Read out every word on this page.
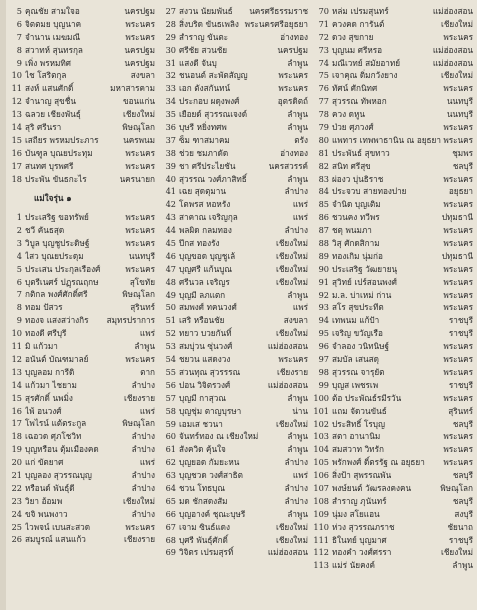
5 คุณชัย สามใจอ	นครปฐม
6 จิตตมย บุญนาค	พระนคร
7 จำนาน เมฆมณี	พระนคร
8 สวาทห์ สุนทรกุล	นครปฐม
9 เพิ่ง พรหมทิศ	นครปฐม
10 ไช โสริตกุล	สงขลา
11 สงห์ แสนศักดิ์	มหาสารคาม
12 จำนาญ สุขชื่น	ขอนแก่น
13 ฉลวย เชียงพันธุ์	เชียงใหม่
14 สุริ ศรีนรา	พิษณุโลก
15 เสถียร พรหมประภาร	นครพนม
16 บันฑูล บุณยประทุม	พระนคร
17 สนทศ บุรพศรี	พระนคร
18 ประพัน ขันธกะไร	นครนายก
แม่ใจรุ่น ๑
1 ประเสริฐ ขอทรัพย์	พระนคร
2 ชวี คันธสุด	พระนคร
3 วิบูล บุญชูประดิษฐ์	พระนคร
4 ไสว บุณยประดุม	นนทบุรี
5 ประเสน ประกุลเรืองศ์	พระนคร
6 บุตรีเนศร์ ปฏุรณฤกษ	สุโขทัย
7 กติกล พงศ์ศักดิ์ศรี	พิษณุโลก
8 ทอม ปัสวร	สุรินทร์
9 ทองจ แสงสว่างกิร	สมุทรปราการ
10 ทองดี ศรีบุรี	แพร่
11 มิ แก้วมา	ลำพูน
12 อนันต์ บัณฑมาลย์	พระนคร
13 บุญลอม การีดิ	ตาก
14 แก้วมา ไชยาม	ลำปาง
15 สุรศักดิ์ นพมิ่ง	เชียงราย
16 ไพ้ อนวงศ์	แพร่
17 โพไรน์ แต้ตระกูล	พิษณุโลก
18 เฉอวด ศุภโชวิท	ลำปาง
19 บุญหรือน ตุ้มเมืองคด	ลำปาง
20 แก่ ขัตยาศ	แพร่
21 บุญลอง สุวรรณบุญ	ลำปาง
22 หรือนด์ พันธุ์ดี	ลำปาง
23 วิยา อ้อมพ	เชียงใหม่
24 ขจิ พนพงาว	ลำปาง
25 ไวพจน์ เบนสะสวด	พระนคร
26 สมบูรณ์ แสนแก้ว	เชียงราย
27 สงวน นัยมพันธ์	นครศรีธรรมราช
28 สิ่งบริด ขันธเพลิง พระนครศรีอยุธยา
29 สำราญ ขันตะ	อ่างทอง
30 ศรีชัย สวนชัย	นครปฐม
31 แสงดี จันบุ	ลำพูน
32 ชนอนต์ สะพัตสัญญ	พระนคร
33 เอก ตังสกันทน์	พระนคร
34 ประกอบ ผดุงพงศ์	อุตรดิตถ์
35 เยือยด์ สุวรรณเจงด์	ลำพูน
36 บุษรี หยิ่งทศพ	ลำพูน
37 ซ็ม ฑาสมาคม	ตรัง
38 ช่วย ชมภาดัด	อ่างทอง
39 ชา ศรีประไยชัน	นครสวรรค์
40 สุวรรณ วงศ์ภาสิทธิ์	ลำพูน
41 เฉย สุดตุมาน	ลำปาง
42 โตพรส หอหรัง	แพร่
43 สาคาณ เจริญกุล	แพร่
44 พลผิด กลมทอง	ลำปาง
45 ปีกส ทองรัง	เชียงใหม่
46 บุญขอด บุญชูเล้	เชียงใหม่
47 บุญศรี แก้นบูณ	เชียงใหม่
48 ศรีนวล เจริญร	เชียงใหม่
49 บุญมี ลภแตก	ลำพูน
50 สมพงศ์ ทคนวงศ์	แพร่
51 เสริ หรือนชัย	สงขลา
52 ทยาว บวยกันทิ์	เชียงใหม่
53 สมบุ่วน ซุ่นวงศ์	แม่ฮ่องสอน
54 ชยวน แสดงวง	พระนคร
55 สวนทุณ สุวรรรณ	เชียงราย
56 ปอน วิจิตรวงศ์	แม่ฮ่องสอน
57 บุญมี กาสุวณ	ลำพูน
58 บุญชุ่ม ตาญบุรษา	น่าน
59 เอมเส ชวนา	เชียงใหม่
60 จันทร์ทอง ณ เชียงใหม่	ลำพูน
61 สังควิด คุ้นใจ	ลำพูน
62 บุญยอด กัมยะหน	ลำปาง
63 บุญชวด วงศ์สาธิต	แพร่
64 ชวน โทธบุณ	ลำปาง
65 มด ชักสดงสัม	ลำปาง
66 บุญอางค์ ชุณะบุษรี	ลำพูน
67 เจาม ซินธ์แดง	เชียงใหม่
68 บุศรี พันธุ์ศักดิ์	เชียงใหม่
69 วิจิตร เปรมสุรทิ์	แม่ฮ่องสอน
70 หล่ม เปรมสุนทร์	แม่ฮ่องสอน
71 ควงคด การันต์	เชียงใหม่
72 ดวง สุขกาย	พระนคร
73 บุญนม ศรีหรอ	แม่ฮ่องสอน
74 มณีเวทย์ สมัยอาทย์	แม่ฮ่องสอน
75 เจาคุณ ดิ่มกวังยาง	เชียงใหม่
76 ทัศน์ ศักนิทศ	พระนคร
77 สุวรรณ ทัพหอก	นนทบุรี
78 ควง ดหูน	นนทบุรี
79 ป่วย ศุภวงศ์	พระนคร
80 แพทาร เทพพาธานิน ณ อยุธยา พระนคร
81 ประพันธ์ สุขทาว	ชุมพร
82 สนิท ศรีสุข	ชลบุรี
83 ผ่องว บุ่นธิราช	พระนคร
84 ประจวบ สายทองปาย	อยุธยา
85 จำนิด บุญเติม	พระนคร
86 ชวนคง ทวีพร	ปทุมธานี
87 ชตุ พนมภา	พระนคร
88 วิสุ ศักดสิกาม	พระนคร
89 ทองเกิม นุ่มก่อ	ปทุมธานี
90 ประเสริฐ วัฒยายนุ	พระนคร
91 สุวิทย์ เปร์สอนพงศ์	พระนคร
92 ม.ล. บ่าเหม่ ก่าน	พระนคร
93 สโร สุขประทีต	พระนคร
94 เทพนม แก้ปัา	ราชบุรี
95 เจริญ ขวัญเรือ	ราชบุรี
96 จำลอง วนิทนิษฐ์	พระนคร
97 สมบัล เสนสดุ	พระนคร
98 สุวรรณ จารุยัต	พระนคร
99 บุญส เพชรเพ	ราชบุรี
100 ต้อ ประพัณธ์รมีรวัน	พระนคร
101 แถม จัดวนขันธ์	สุรินทร์
102 ประสิทธิ์ โรบุญ	ชลบุรี
103 สตา อานานิม	พระนคร
104 สมสวาท วิทรัก	พระนคร
105 พรักพงศ์ ดิ์ตรรัฐ ณ อยุธยา	พระนคร
106 สิ่งป้า สุพรรณพัน	ชลบุรี
107 พงษ์ยนต์ วัฒรลงคงคน	พิษณุโลก
108 สำราญ ภุนันทร์	ชลบุรี
109 นุ่มง สโยแอน	สงบุรี
110 ห่วง สุวรรณภราช	ชัยนาถ
111 ธิในทย์ บุญมาศ	ราชบุรี
112 ทองคำ วงศ์ศรรา	เชียงใหม่
113 แม่ร่ นัยคงค์	ลำพูน
